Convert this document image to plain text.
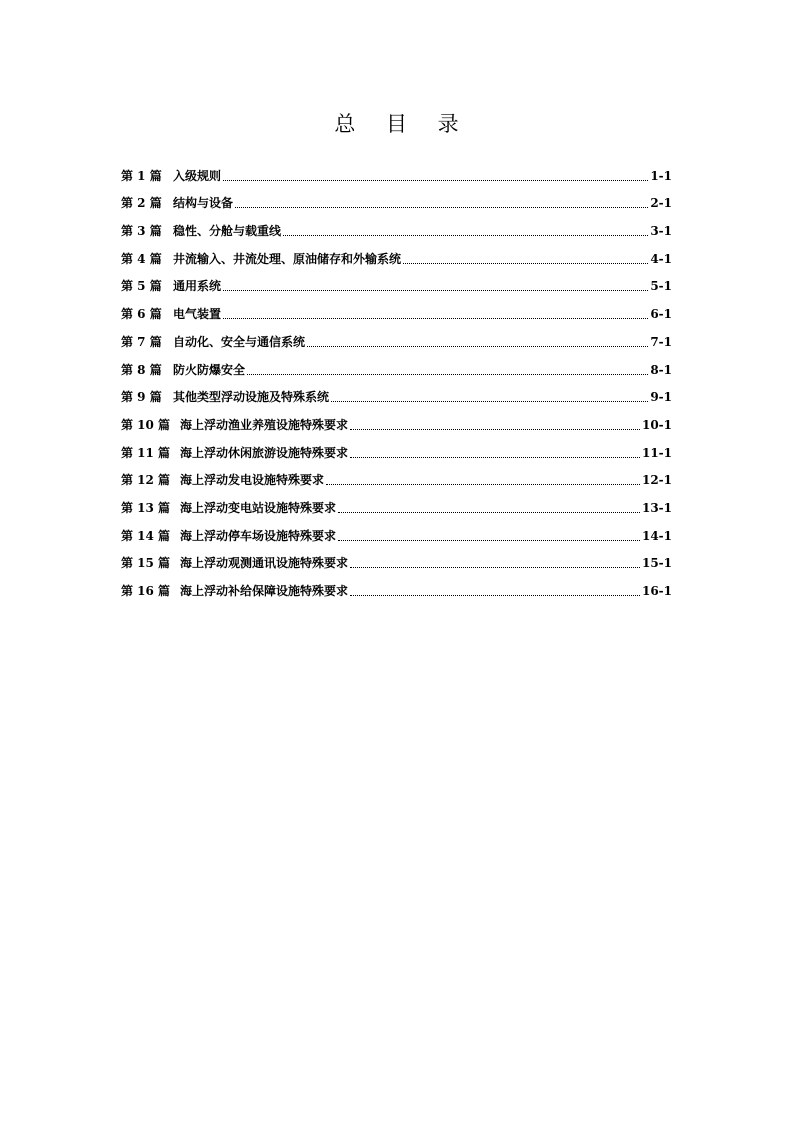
总 目 录
第 1 篇 入级规则	1-1
第 2 篇 结构与设备	2-1
第 3 篇 稳性、分舱与载重线	3-1
第 4 篇 井流输入、井流处理、原油储存和外输系统	4-1
第 5 篇 通用系统	5-1
第 6 篇 电气装置	6-1
第 7 篇 自动化、安全与通信系统	7-1
第 8 篇 防火防爆安全	8-1
第 9 篇 其他类型浮动设施及特殊系统	9-1
第 10 篇 海上浮动渔业养殖设施特殊要求	10-1
第 11 篇 海上浮动休闲旅游设施特殊要求	11-1
第 12 篇 海上浮动发电设施特殊要求	12-1
第 13 篇 海上浮动变电站设施特殊要求	13-1
第 14 篇 海上浮动停车场设施特殊要求	14-1
第 15 篇 海上浮动观测通讯设施特殊要求	15-1
第 16 篇 海上浮动补给保障设施特殊要求	16-1
